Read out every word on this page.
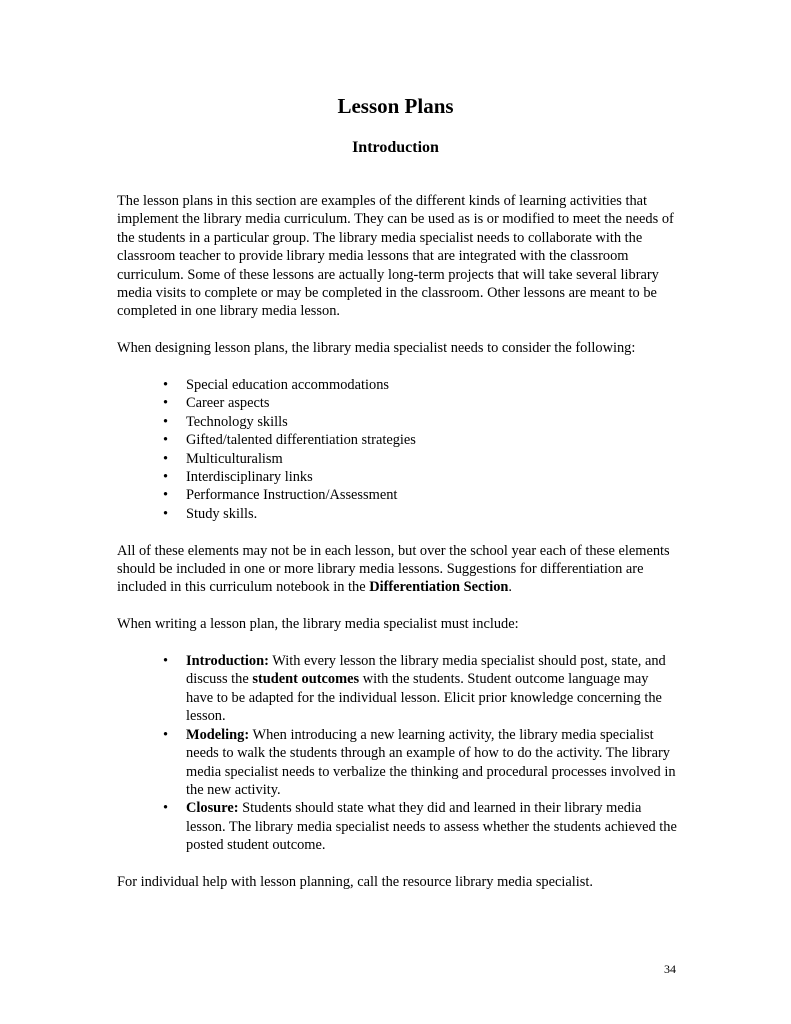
Lesson Plans
Introduction

The lesson plans in this section are examples of the different kinds of learning activities that implement the library media curriculum. They can be used as is or modified to meet the needs of the students in a particular group. The library media specialist needs to collaborate with the classroom teacher to provide library media lessons that are integrated with the classroom curriculum. Some of these lessons are actually long-term projects that will take several library media visits to complete or may be completed in the classroom. Other lessons are meant to be completed in one library media lesson.

When designing lesson plans, the library media specialist needs to consider the following:

• Special education accommodations
• Career aspects
• Technology skills
• Gifted/talented differentiation strategies
• Multiculturalism
• Interdisciplinary links
• Performance Instruction/Assessment
• Study skills.

All of these elements may not be in each lesson, but over the school year each of these elements should be included in one or more library media lessons. Suggestions for differentiation are included in this curriculum notebook in the Differentiation Section.

When writing a lesson plan, the library media specialist must include:

• Introduction: With every lesson the library media specialist should post, state, and discuss the student outcomes with the students. Student outcome language may have to be adapted for the individual lesson. Elicit prior knowledge concerning the lesson.
• Modeling: When introducing a new learning activity, the library media specialist needs to walk the students through an example of how to do the activity. The library media specialist needs to verbalize the thinking and procedural processes involved in the new activity.
• Closure: Students should state what they did and learned in their library media lesson. The library media specialist needs to assess whether the students achieved the posted student outcome.

For individual help with lesson planning, call the resource library media specialist.

34
